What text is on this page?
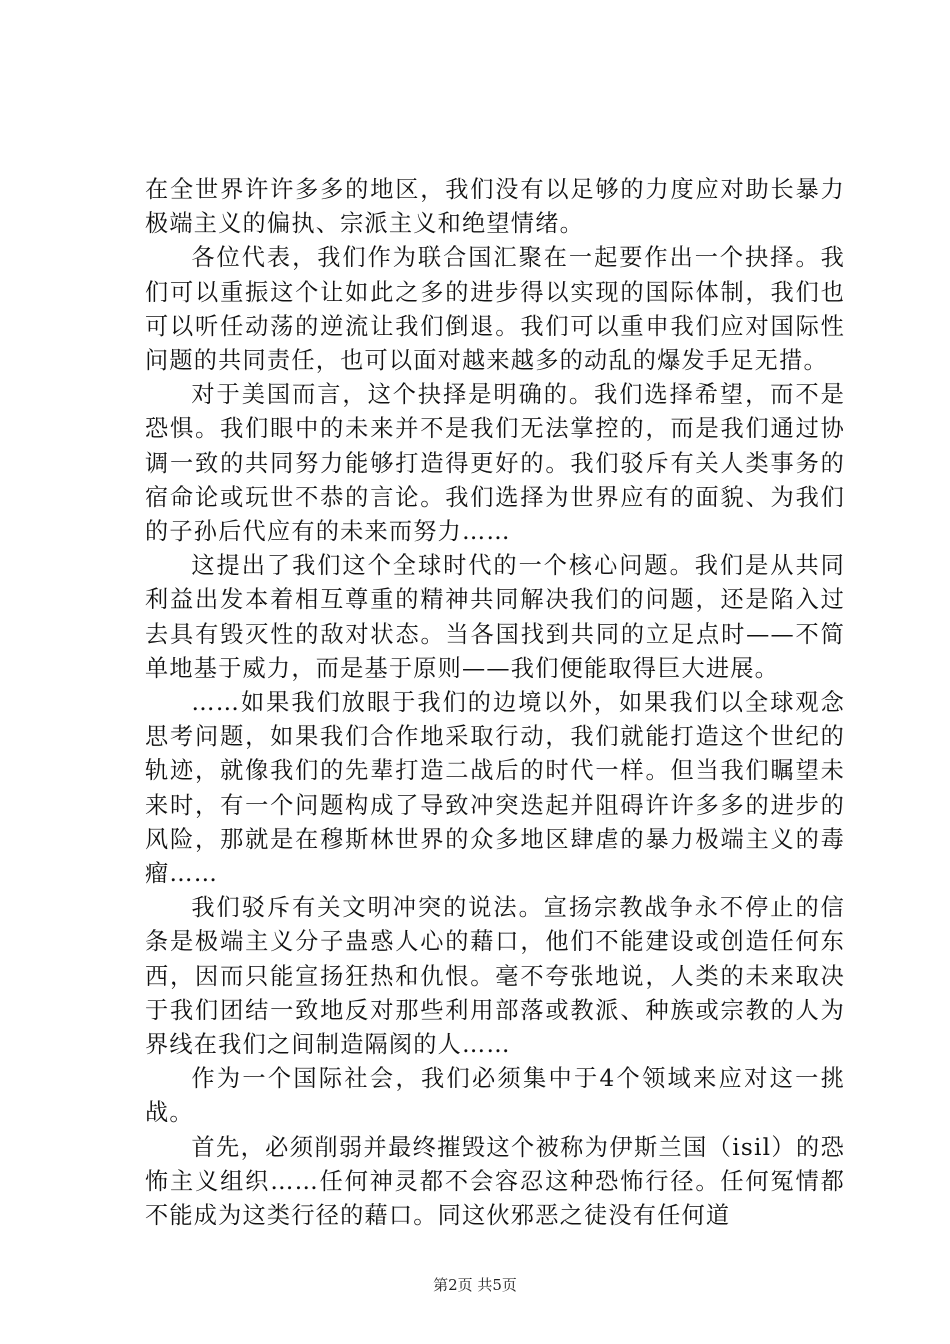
在全世界许许多多的地区，我们没有以足够的力度应对助长暴力极端主义的偏执、宗派主义和绝望情绪。

各位代表，我们作为联合国汇聚在一起要作出一个抉择。我们可以重振这个让如此之多的进步得以实现的国际体制，我们也可以听任动荡的逆流让我们倒退。我们可以重申我们应对国际性问题的共同责任，也可以面对越来越多的动乱的爆发手足无措。

对于美国而言，这个抉择是明确的。我们选择希望，而不是恐惧。我们眼中的未来并不是我们无法掌控的，而是我们通过协调一致的共同努力能够打造得更好的。我们驳斥有关人类事务的宿命论或玩世不恭的言论。我们选择为世界应有的面貌、为我们的子孙后代应有的未来而努力……

这提出了我们这个全球时代的一个核心问题。我们是从共同利益出发本着相互尊重的精神共同解决我们的问题，还是陷入过去具有毁灭性的敌对状态。当各国找到共同的立足点时——不简单地基于威力，而是基于原则——我们便能取得巨大进展。

……如果我们放眼于我们的边境以外，如果我们以全球观念思考问题，如果我们合作地采取行动，我们就能打造这个世纪的轨迹，就像我们的先辈打造二战后的时代一样。但当我们瞩望未来时，有一个问题构成了导致冲突迭起并阻碍许许多多的进步的风险，那就是在穆斯林世界的众多地区肆虐的暴力极端主义的毒瘤……

我们驳斥有关文明冲突的说法。宣扬宗教战争永不停止的信条是极端主义分子蛊惑人心的藉口，他们不能建设或创造任何东西，因而只能宣扬狂热和仇恨。毫不夸张地说，人类的未来取决于我们团结一致地反对那些利用部落或教派、种族或宗教的人为界线在我们之间制造隔阂的人……

作为一个国际社会，我们必须集中于4个领域来应对这一挑战。

首先，必须削弱并最终摧毁这个被称为伊斯兰国（isil）的恐怖主义组织……任何神灵都不会容忍这种恐怖行径。任何冤情都不能成为这类行径的藉口。同这伙邪恶之徒没有任何道

第2页 共5页
